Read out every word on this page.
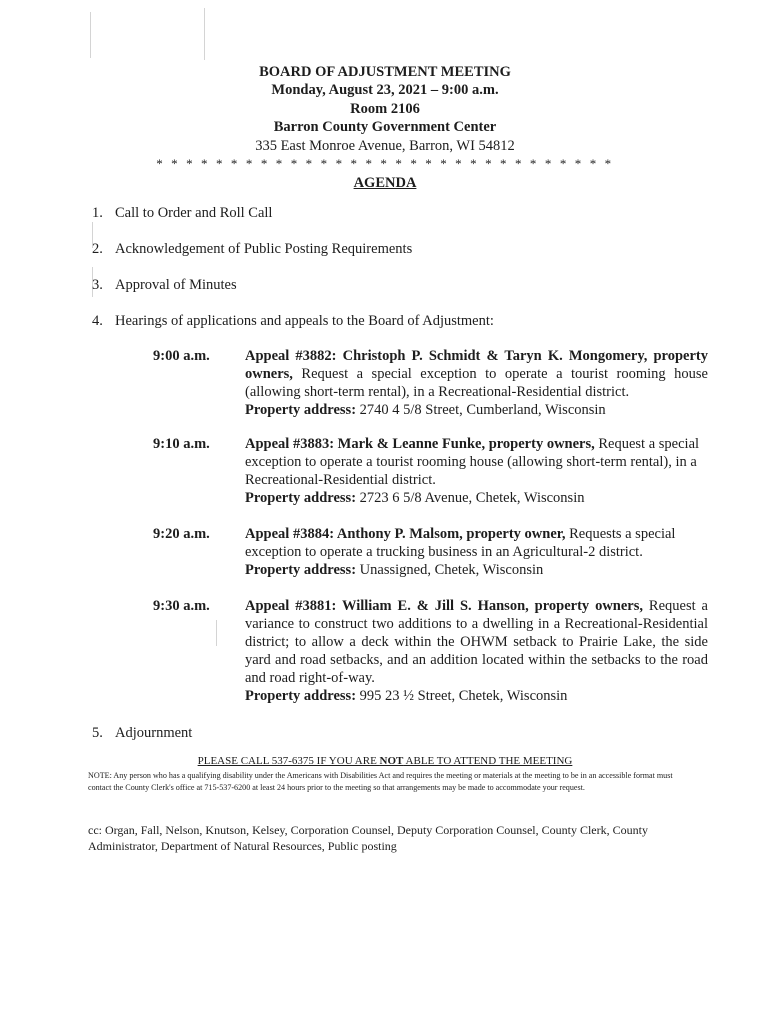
BOARD OF ADJUSTMENT MEETING
Monday, August 23, 2021 – 9:00 a.m.
Room 2106
Barron County Government Center
335 East Monroe Avenue, Barron, WI 54812
* * * * * * * * * * * * * * * * * * * * * * * * * * * * * * *
AGENDA
1. Call to Order and Roll Call
2. Acknowledgement of Public Posting Requirements
3. Approval of Minutes
4. Hearings of applications and appeals to the Board of Adjustment:
9:00 a.m. Appeal #3882: Christoph P. Schmidt & Taryn K. Mongomery, property owners, Request a special exception to operate a tourist rooming house (allowing short-term rental), in a Recreational-Residential district.
Property address: 2740 4 5/8 Street, Cumberland, Wisconsin
9:10 a.m. Appeal #3883: Mark & Leanne Funke, property owners, Request a special exception to operate a tourist rooming house (allowing short-term rental), in a Recreational-Residential district.
Property address: 2723 6 5/8 Avenue, Chetek, Wisconsin
9:20 a.m. Appeal #3884: Anthony P. Malsom, property owner, Requests a special exception to operate a trucking business in an Agricultural-2 district.
Property address: Unassigned, Chetek, Wisconsin
9:30 a.m. Appeal #3881: William E. & Jill S. Hanson, property owners, Request a variance to construct two additions to a dwelling in a Recreational-Residential district; to allow a deck within the OHWM setback to Prairie Lake, the side yard and road setbacks, and an addition located within the setbacks to the road and road right-of-way.
Property address: 995 23 ½ Street, Chetek, Wisconsin
5. Adjournment
PLEASE CALL 537-6375 IF YOU ARE NOT ABLE TO ATTEND THE MEETING
NOTE: Any person who has a qualifying disability under the Americans with Disabilities Act and requires the meeting or materials at the meeting to be in an accessible format must contact the County Clerk's office at 715-537-6200 at least 24 hours prior to the meeting so that arrangements may be made to accommodate your request.
cc: Organ, Fall, Nelson, Knutson, Kelsey, Corporation Counsel, Deputy Corporation Counsel, County Clerk, County Administrator, Department of Natural Resources, Public posting
